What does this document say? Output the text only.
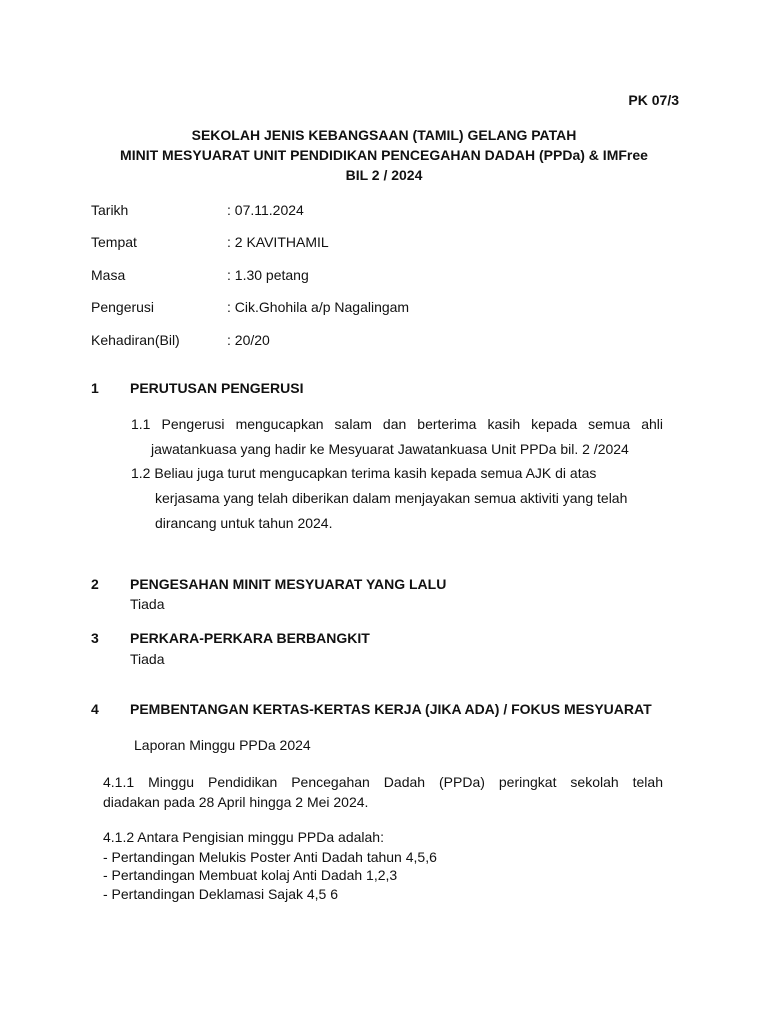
PK 07/3
SEKOLAH JENIS KEBANGSAAN (TAMIL) GELANG PATAH
MINIT MESYUARAT UNIT PENDIDIKAN PENCEGAHAN DADAH (PPDa) & IMFree
BIL 2 / 2024
Tarikh	: 07.11.2024
Tempat	: 2 KAVITHAMIL
Masa	: 1.30 petang
Pengerusi	: Cik.Ghohila a/p Nagalingam
Kehadiran(Bil)	: 20/20
1 PERUTUSAN PENGERUSI
1.1 Pengerusi mengucapkan salam dan berterima kasih kepada semua ahli
jawatankuasa yang hadir ke Mesyuarat Jawatankuasa Unit PPDa bil. 2 /2024
1.2 Beliau juga turut mengucapkan terima kasih kepada semua AJK di atas
kerjasama yang telah diberikan dalam menjayakan semua aktiviti yang telah
dirancang untuk tahun 2024.
2 PENGESAHAN MINIT MESYUARAT YANG LALU
Tiada
3 PERKARA-PERKARA BERBANGKIT
Tiada
4 PEMBENTANGAN KERTAS-KERTAS KERJA (JIKA ADA) / FOKUS MESYUARAT
Laporan Minggu PPDa 2024
4.1.1 Minggu Pendidikan Pencegahan Dadah (PPDa) peringkat sekolah telah
diadakan pada 28 April hingga 2 Mei 2024.
4.1.2 Antara Pengisian minggu PPDa adalah:
- Pertandingan Melukis Poster Anti Dadah tahun 4,5,6
- Pertandingan Membuat kolaj Anti Dadah 1,2,3
- Pertandingan Deklamasi Sajak 4,5 6
